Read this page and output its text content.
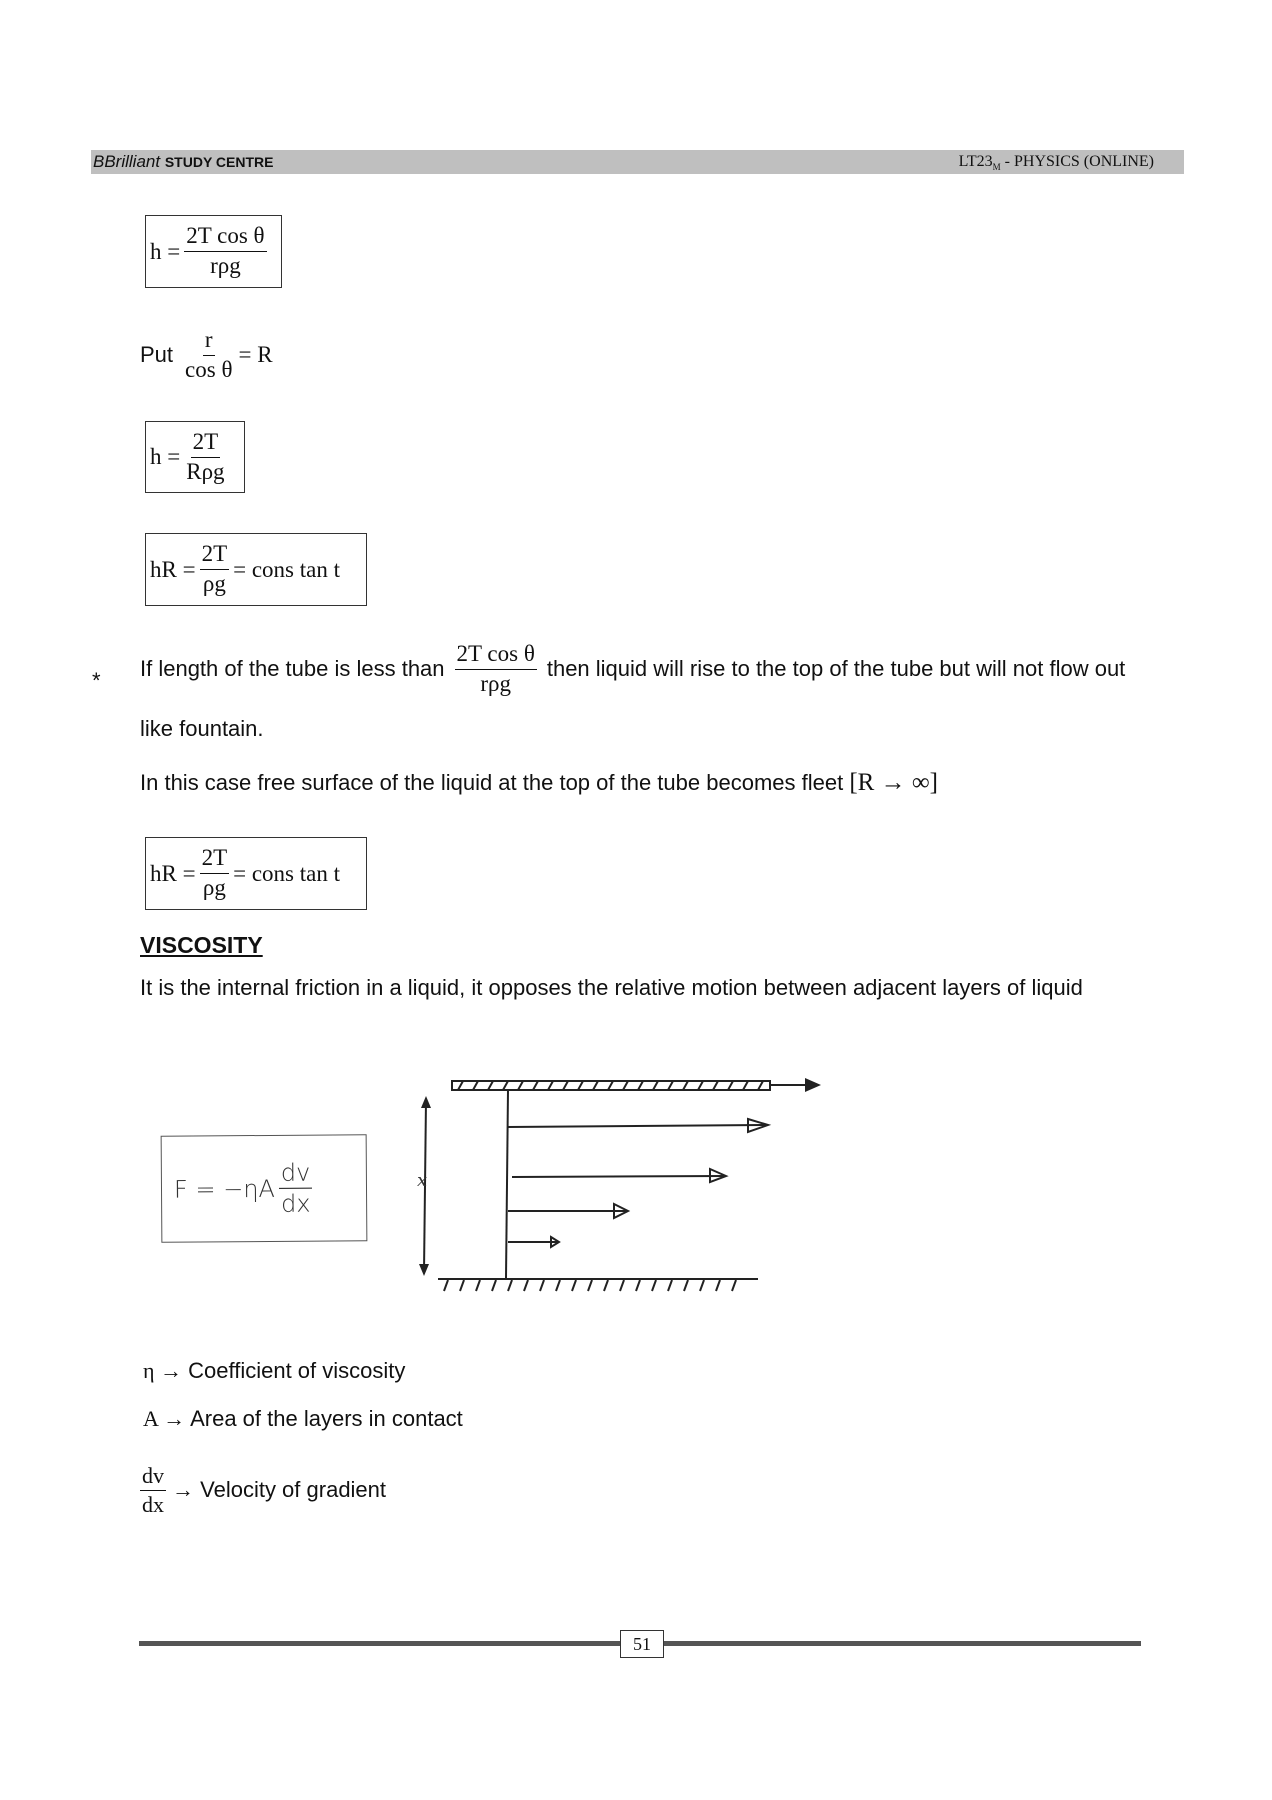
BBrilliant STUDY CENTRE	$LT23_M$ - PHYSICS (ONLINE)
$h = \frac{\text{2T cos θ}}{\text{rρg}}$
Put $\frac{r}{\text{cos θ}} = R$
$h = \frac{2T}{\text{Rρg}}$
hR = $\frac{2T}{\rho g}$ = cons tan t
* If length of the tube is less than $\frac{\text{2T cos θ}}{\text{rρg}}$ then liquid will rise to the top of the tube but will not flow out
like fountain.
In this case free surface of the liquid at the top of the tube becomes fleet [R → ∞]
hR = $\frac{2T}{\rho g}$ = cons tan t
VISCOSITY
It is the internal friction in a liquid, it opposes the relative motion between adjacent layers of liquid
$F = -\eta A \frac{dv}{dx}$	x
η → Coefficient of viscosity
A → Area of the layers in contact
$\frac{dv}{dx}$ →
Velocity of gradient
51
